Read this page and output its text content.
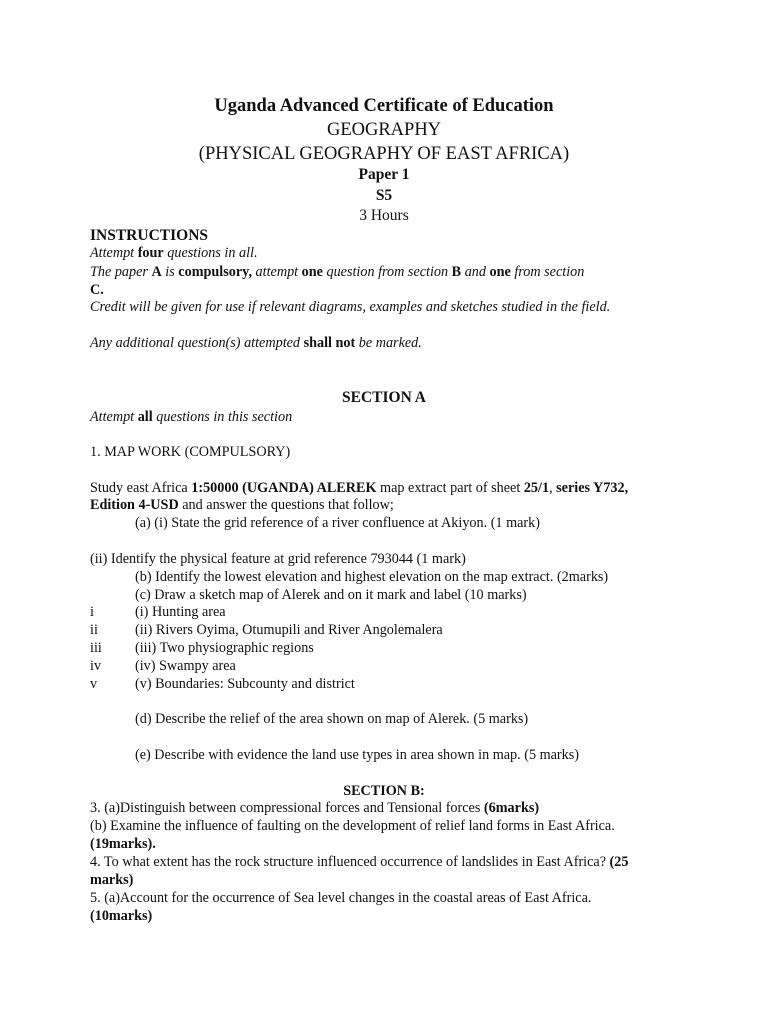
Uganda Advanced Certificate of Education
GEOGRAPHY
(PHYSICAL GEOGRAPHY OF EAST AFRICA)
Paper 1
S5
3 Hours
INSTRUCTIONS
Attempt four questions in all.
The paper A is compulsory, attempt one question from section B and one from section
C.
Credit will be given for use if relevant diagrams, examples and sketches studied in the field.
Any additional question(s) attempted shall not be marked.
SECTION A
Attempt all questions in this section
1. MAP WORK (COMPULSORY)
Study east Africa 1:50000 (UGANDA) ALEREK map extract part of sheet 25/1, series Y732,
Edition 4-USD and answer the questions that follow;
(a) (i) State the grid reference of a river confluence at Akiyon. (1 mark)
(ii) Identify the physical feature at grid reference 793044 (1 mark)
(b) Identify the lowest elevation and highest elevation on the map extract. (2marks)
(c) Draw a sketch map of Alerek and on it mark and label (10 marks)
i	(i) Hunting area
ii	(ii) Rivers Oyima, Otumupili and River Angolemalera
iii (iii) Two physiographic regions
iv (iv) Swampy area
v	(v) Boundaries: Subcounty and district
(d) Describe the relief of the area shown on map of Alerek. (5 marks)
(e) Describe with evidence the land use types in area shown in map. (5 marks)
SECTION B:
3. (a)Distinguish between compressional forces and Tensional forces (6marks)
(b) Examine the influence of faulting on the development of relief land forms in East Africa.
(19marks).
4. To what extent has the rock structure influenced occurrence of landslides in East Africa? (25
marks)
5. (a)Account for the occurrence of Sea level changes in the coastal areas of East Africa.
(10marks)
